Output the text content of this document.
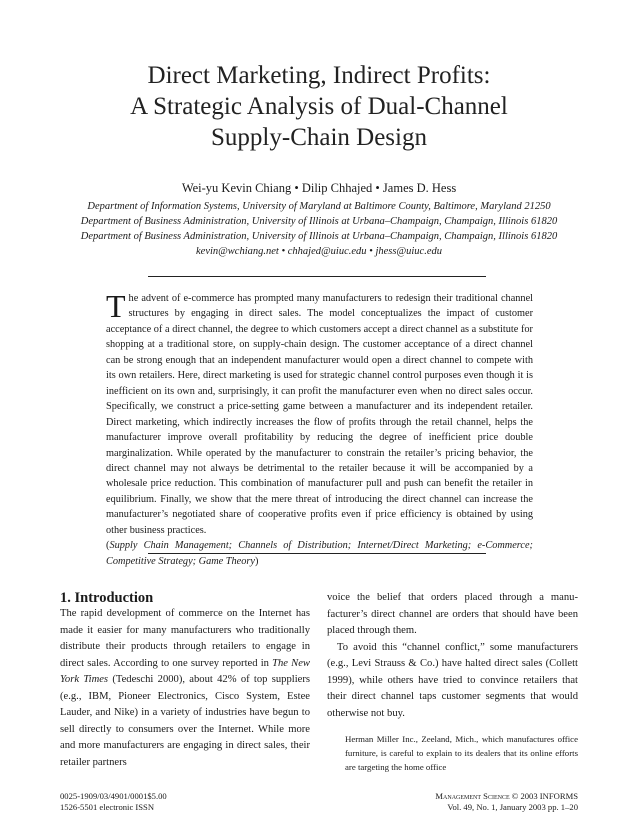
Direct Marketing, Indirect Profits:
A Strategic Analysis of Dual-Channel
Supply-Chain Design
Wei-yu Kevin Chiang • Dilip Chhajed • James D. Hess
Department of Information Systems, University of Maryland at Baltimore County, Baltimore, Maryland 21250
Department of Business Administration, University of Illinois at Urbana–Champaign, Champaign, Illinois 61820
Department of Business Administration, University of Illinois at Urbana–Champaign, Champaign, Illinois 61820
kevin@wchiang.net • chhajed@uiuc.edu • jhess@uiuc.edu
T he advent of e-commerce has prompted many manufacturers to redesign their traditional channel structures by engaging in direct sales. The model conceptualizes the impact of customer acceptance of a direct channel, the degree to which customers accept a direct channel as a substitute for shopping at a traditional store, on supply-chain design. The customer acceptance of a direct channel can be strong enough that an independent manufacturer would open a direct channel to compete with its own retailers. Here, direct marketing is used for strategic channel control purposes even though it is inefficient on its own and, surprisingly, it can profit the manufacturer even when no direct sales occur. Specifically, we construct a price-setting game between a manufacturer and its independent retailer. Direct marketing, which indirectly increases the flow of profits through the retail channel, helps the manufacturer improve overall profitability by reducing the degree of inefficient price double marginalization. While operated by the manufacturer to constrain the retailer’s pricing behavior, the direct channel may not always be detrimental to the retailer because it will be accompanied by a wholesale price reduction. This combination of manufacturer pull and push can benefit the retailer in equilibrium. Finally, we show that the mere threat of introducing the direct channel can increase the manufacturer’s negotiated share of cooperative profits even if price efficiency is obtained by using other business practices.
(Supply Chain Management; Channels of Distribution; Internet/Direct Marketing; e-Commerce; Competitive Strategy; Game Theory)
1. Introduction

The rapid development of commerce on the Internet has made it easier for many manufacturers who traditionally distribute their products through retailers to engage in direct sales. According to one survey reported in The New York Times (Tedeschi 2000), about 42% of top suppliers (e.g., IBM, Pioneer Electronics, Cisco System, Estee Lauder, and Nike) in a variety of industries have begun to sell directly to consumers over the Internet. While more and more manufacturers are engaging in direct sales, their retailer partners

voice the belief that orders placed through a manufacturer’s direct channel are orders that should have been placed through them.

To avoid this “channel conflict,” some manufacturers (e.g., Levi Strauss & Co.) have halted direct sales (Collett 1999), while others have tried to convince retailers that their direct channel taps customer segments that would otherwise not buy.

Herman Miller Inc., Zeeland, Mich., which manufactures office furniture, is careful to explain to its dealers that its online efforts are targeting the home office

0025-1909/03/4901/0001$5.00
1526-5501 electronic ISSN
Management Science © 2003 INFORMS
Vol. 49, No. 1, January 2003 pp. 1–20
